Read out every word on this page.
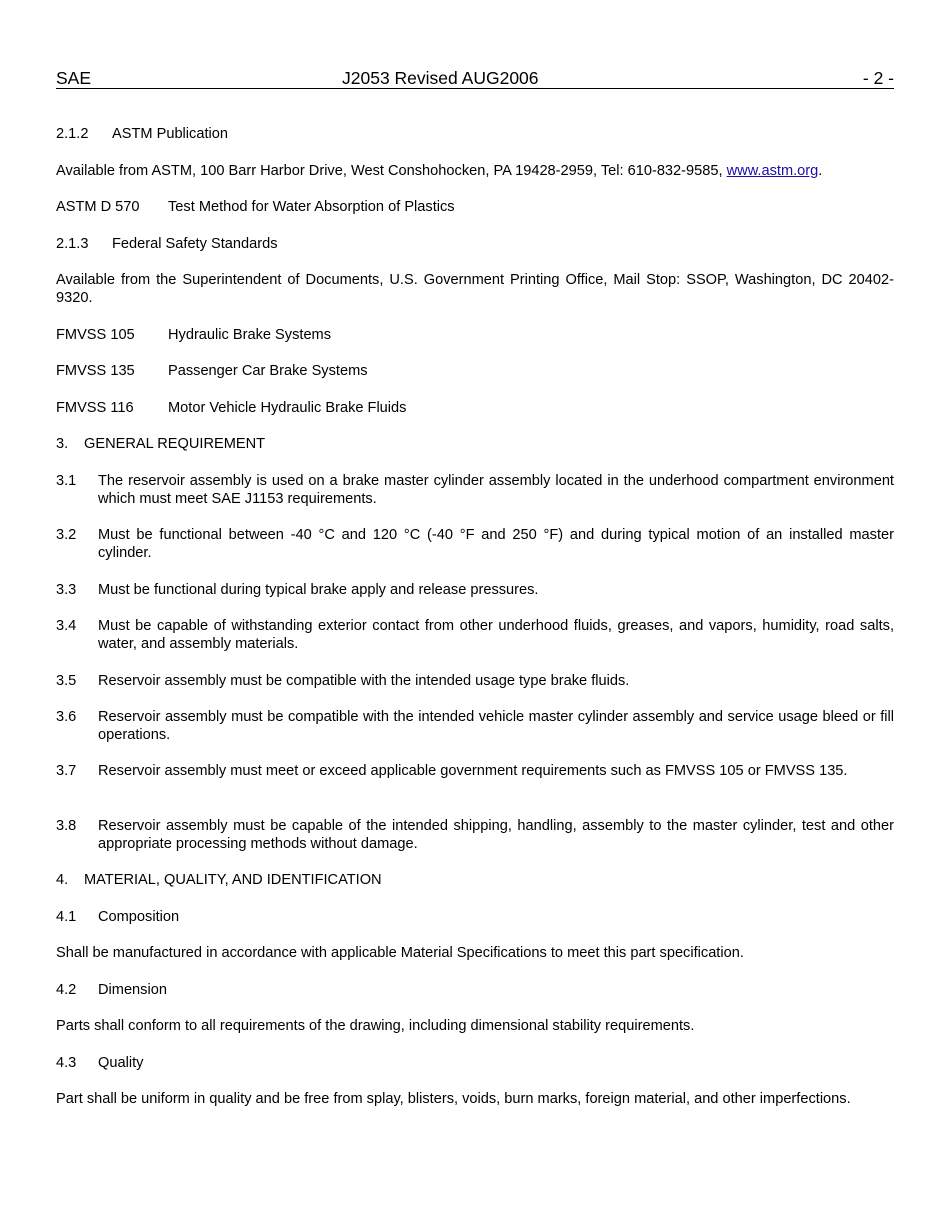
SAE	J2053 Revised AUG2006	- 2 -
2.1.2 ASTM Publication
Available from ASTM, 100 Barr Harbor Drive, West Conshohocken, PA 19428-2959, Tel: 610-832-9585, www.astm.org.
ASTM D 570 Test Method for Water Absorption of Plastics
2.1.3 Federal Safety Standards

Available from the Superintendent of Documents, U.S. Government Printing Office, Mail Stop: SSOP, Washington, DC 20402-9320.

FMVSS 105 Hydraulic Brake Systems
FMVSS 135 Passenger Car Brake Systems
FMVSS 116 Motor Vehicle Hydraulic Brake Fluids
3. GENERAL REQUIREMENT
3.1 The reservoir assembly is used on a brake master cylinder assembly located in the underhood compartment environment which must meet SAE J1153 requirements.
3.2 Must be functional between -40 °C and 120 °C (-40 °F and 250 °F) and during typical motion of an installed master cylinder.
3.3 Must be functional during typical brake apply and release pressures.
3.4 Must be capable of withstanding exterior contact from other underhood fluids, greases, and vapors, humidity, road salts, water, and assembly materials.
3.5 Reservoir assembly must be compatible with the intended usage type brake fluids.
3.6 Reservoir assembly must be compatible with the intended vehicle master cylinder assembly and service usage bleed or fill operations.
3.7 Reservoir assembly must meet or exceed applicable government requirements such as FMVSS 105 or FMVSS 135.
3.8 Reservoir assembly must be capable of the intended shipping, handling, assembly to the master cylinder, test and other appropriate processing methods without damage.
4. MATERIAL, QUALITY, AND IDENTIFICATION
4.1 Composition

Shall be manufactured in accordance with applicable Material Specifications to meet this part specification.

4.2 Dimension

Parts shall conform to all requirements of the drawing, including dimensional stability requirements.

4.3 Quality

Part shall be uniform in quality and be free from splay, blisters, voids, burn marks, foreign material, and other imperfections.
